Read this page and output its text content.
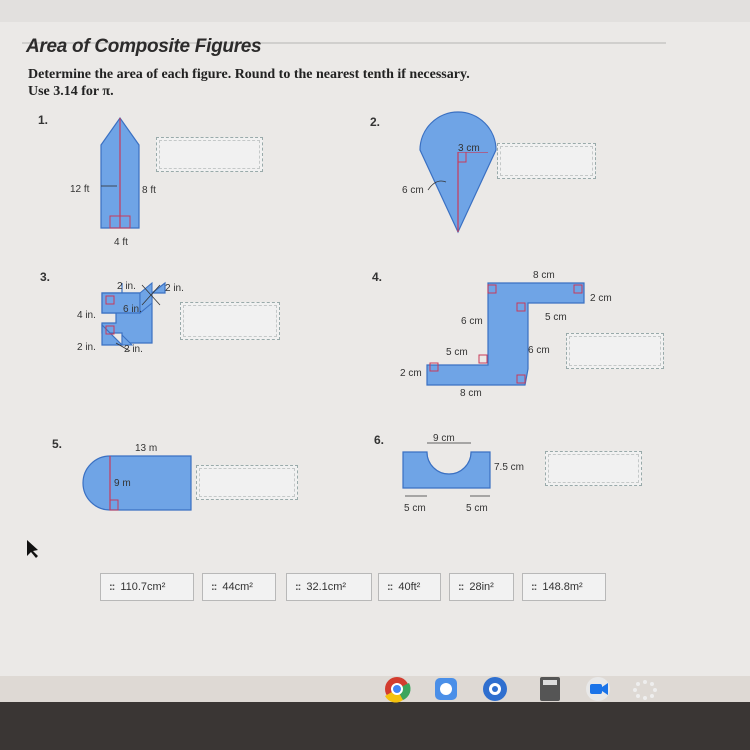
Area of Composite Figures
Determine the area of each figure. Round to the nearest tenth if necessary. Use 3.14 for π.
1.	2.
3.	4.
5.	6.
12 ft	8 ft
4 ft
3 cm
6 cm
2 in.	2 in.
6 in.
4 in.
2 in.	2 in.
8 cm
2 cm
6 cm	5 cm
5 cm	6 cm
2 cm
8 cm
13 m
9 m
9 cm
7.5 cm
5 cm	5 cm
:: 110.7cm²	:: 44cm²	:: 32.1cm²	:: 40ft²	:: 28in²	:: 148.8m²
